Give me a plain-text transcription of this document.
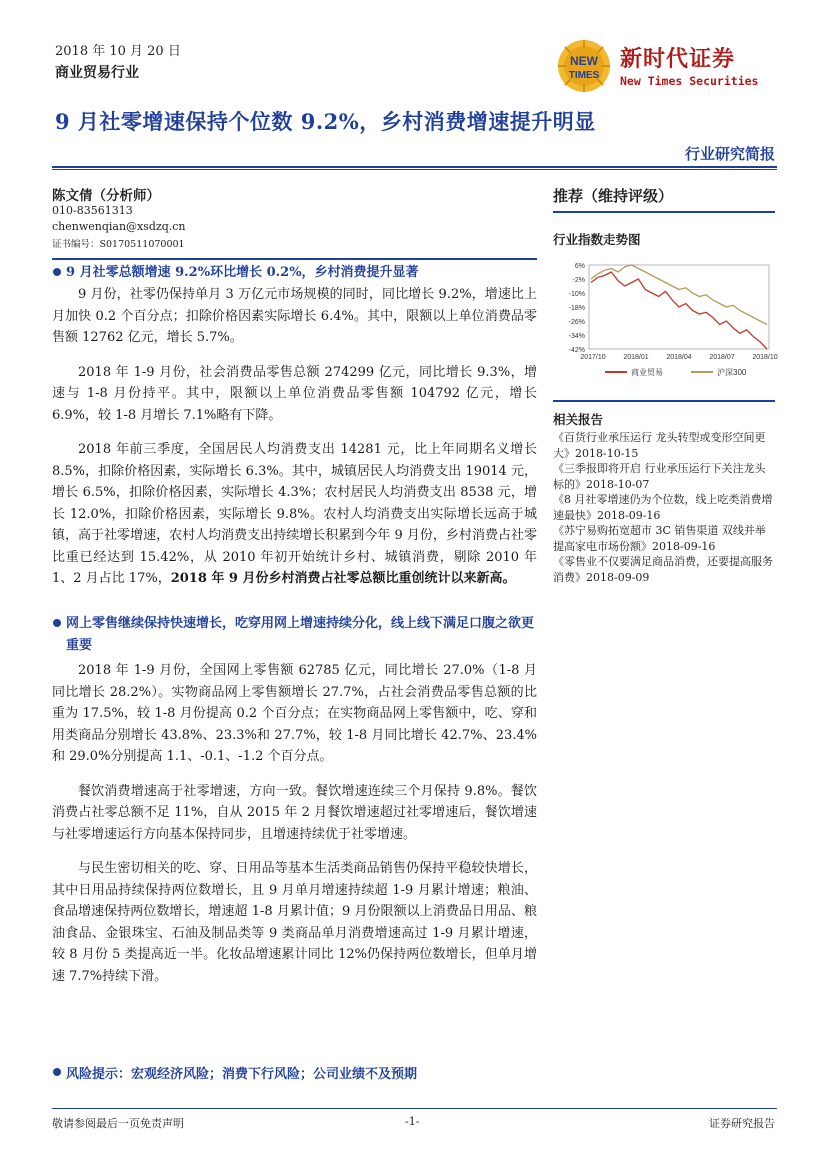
2018 年 10 月 20 日
商业贸易行业
NEW
TIMES
新时代证券
New Times Securities
9 月社零增速保持个位数 9.2%，乡村消费增速提升明显
行业研究简报
陈文倩（分析师）
010-83561313
chenwenqian@xsdzq.cn
证书编号：S0170511070001
9 月社零总额增速 9.2%环比增长 0.2%，乡村消费提升显著

9 月份，社零仍保持单月 3 万亿元市场规模的同时，同比增长 9.2%，增速比上月加快 0.2 个百分点；扣除价格因素实际增长 6.4%。其中，限额以上单位消费品零售额 12762 亿元，增长 5.7%。

2018 年 1-9 月份，社会消费品零售总额 274299 亿元，同比增长 9.3%，增速与 1-8 月份持平。其中，限额以上单位消费品零售额 104792 亿元，增长 6.9%，较 1-8 月增长 7.1%略有下降。

2018 年前三季度，全国居民人均消费支出 14281 元，比上年同期名义增长 8.5%，扣除价格因素，实际增长 6.3%。其中，城镇居民人均消费支出 19014 元，增长 6.5%，扣除价格因素，实际增长 4.3%；农村居民人均消费支出 8538 元，增长 12.0%，扣除价格因素，实际增长 9.8%。农村人均消费支出实际增长远高于城镇，高于社零增速，农村人均消费支出持续增长积累到今年 9 月份，乡村消费占社零比重已经达到 15.42%，从 2010 年初开始统计乡村、城镇消费，剔除 2010 年 1、2 月占比 17%，2018 年 9 月份乡村消费占社零总额比重创统计以来新高。

网上零售继续保持快速增长，吃穿用网上增速持续分化，线上线下满足口腹之欲更重要

2018 年 1-9 月份，全国网上零售额 62785 亿元，同比增长 27.0%（1-8 月同比增长 28.2%）。实物商品网上零售额增长 27.7%，占社会消费品零售总额的比重为 17.5%，较 1-8 月份提高 0.2 个百分点；在实物商品网上零售额中，吃、穿和用类商品分别增长 43.8%、23.3%和 27.7%，较 1-8 月同比增长 42.7%、23.4%和 29.0%分别提高 1.1、-0.1、-1.2 个百分点。

餐饮消费增速高于社零增速，方向一致。餐饮增速连续三个月保持 9.8%。餐饮消费占社零总额不足 11%，自从 2015 年 2 月餐饮增速超过社零增速后，餐饮增速与社零增速运行方向基本保持同步，且增速持续优于社零增速。

与民生密切相关的吃、穿、日用品等基本生活类商品销售仍保持平稳较快增长，其中日用品持续保持两位数增长，且 9 月单月增速持续超 1-9 月累计增速；粮油、食品增速保持两位数增长，增速超 1-8 月累计值；9 月份限额以上消费品日用品、粮油食品、金银珠宝、石油及制品类等 9 类商品单月消费增速高过 1-9 月累计增速，较 8 月份 5 类提高近一半。化妆品增速累计同比 12%仍保持两位数增长，但单月增速 7.7%持续下滑。

风险提示：宏观经济风险；消费下行风险；公司业绩不及预期
推荐（维持评级）
行业指数走势图
6%
-2%
-10%
-18%
-26%
-34%
-42%
2017/10	2018/01	2018/04	2018/07	2018/10
商业贸易	沪深300
相关报告
《百货行业承压运行 龙头转型或变形空间更大》2018-10-15
《三季报即将开启 行业承压运行下关注龙头标的》2018-10-07
《8 月社零增速仍为个位数，线上吃类消费增速最快》2018-09-16
《苏宁易购拓宽超市 3C 销售渠道 双线并举提高家电市场份额》2018-09-16
《零售业不仅要满足商品消费，还要提高服务消费》2018-09-09
敬请参阅最后一页免责声明	-1-	证券研究报告
